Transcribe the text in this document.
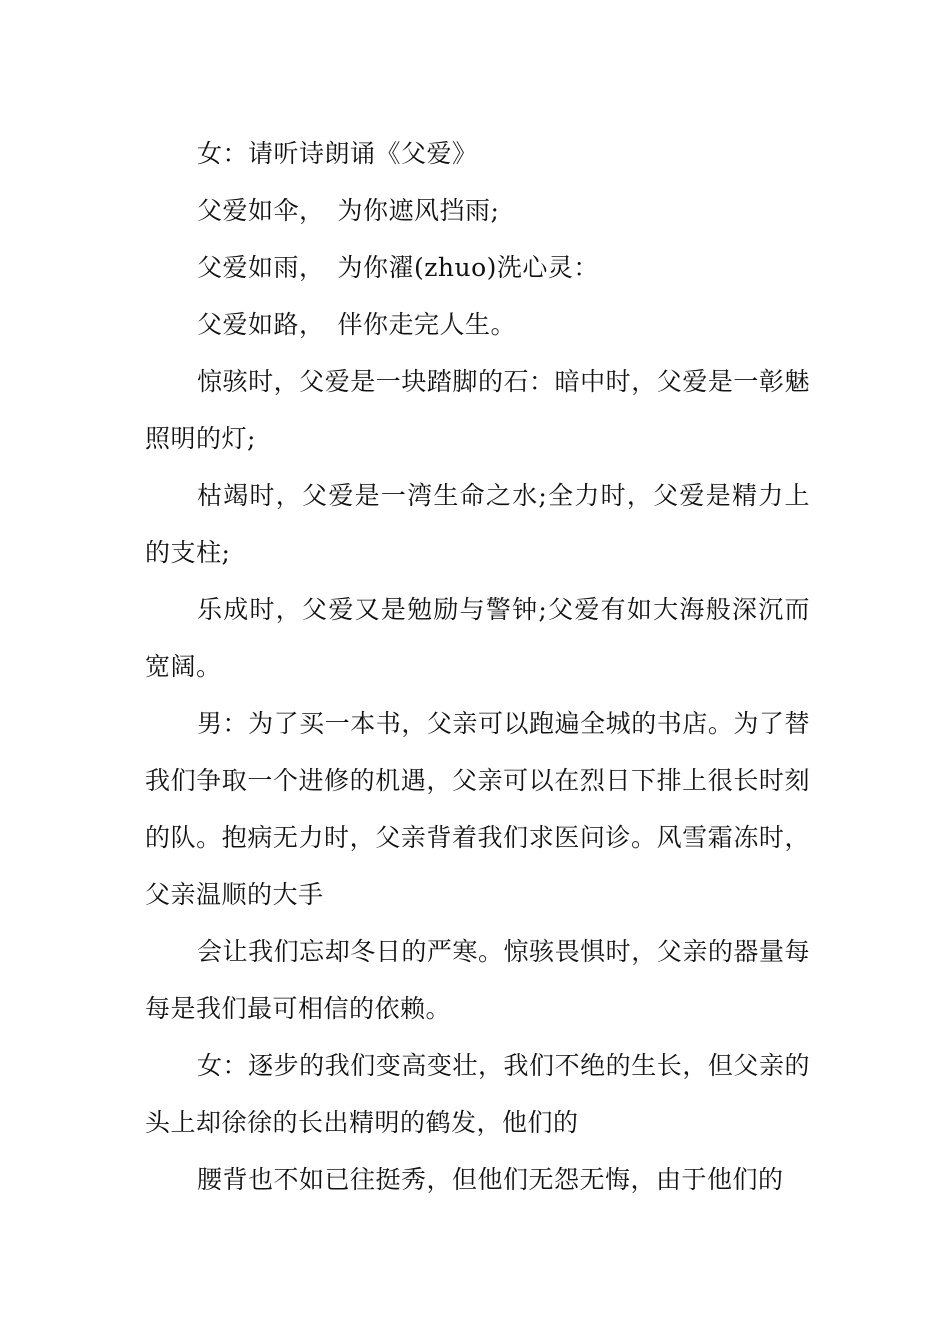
女：请听诗朗诵《父爱》

父爱如伞，　为你遮风挡雨;

父爱如雨，　为你濯(zhuo)洗心灵：

父爱如路，　伴你走完人生。

惊骇时，父爱是一块踏脚的石：暗中时，父爱是一彰魅照明的灯;

枯竭时，父爱是一湾生命之水;全力时，父爱是精力上的支柱;

乐成时，父爱又是勉励与警钟;父爱有如大海般深沉而宽阔。

男：为了买一本书，父亲可以跑遍全城的书店。为了替我们争取一个进修的机遇，父亲可以在烈日下排上很长时刻的队。抱病无力时，父亲背着我们求医问诊。风雪霜冻时，父亲温顺的大手

会让我们忘却冬日的严寒。惊骇畏惧时，父亲的器量每每是我们最可相信的依赖。

女：逐步的我们变高变壮，我们不绝的生长，但父亲的头上却徐徐的长出精明的鹤发，他们的

腰背也不如已往挺秀，但他们无怨无悔，由于他们的
